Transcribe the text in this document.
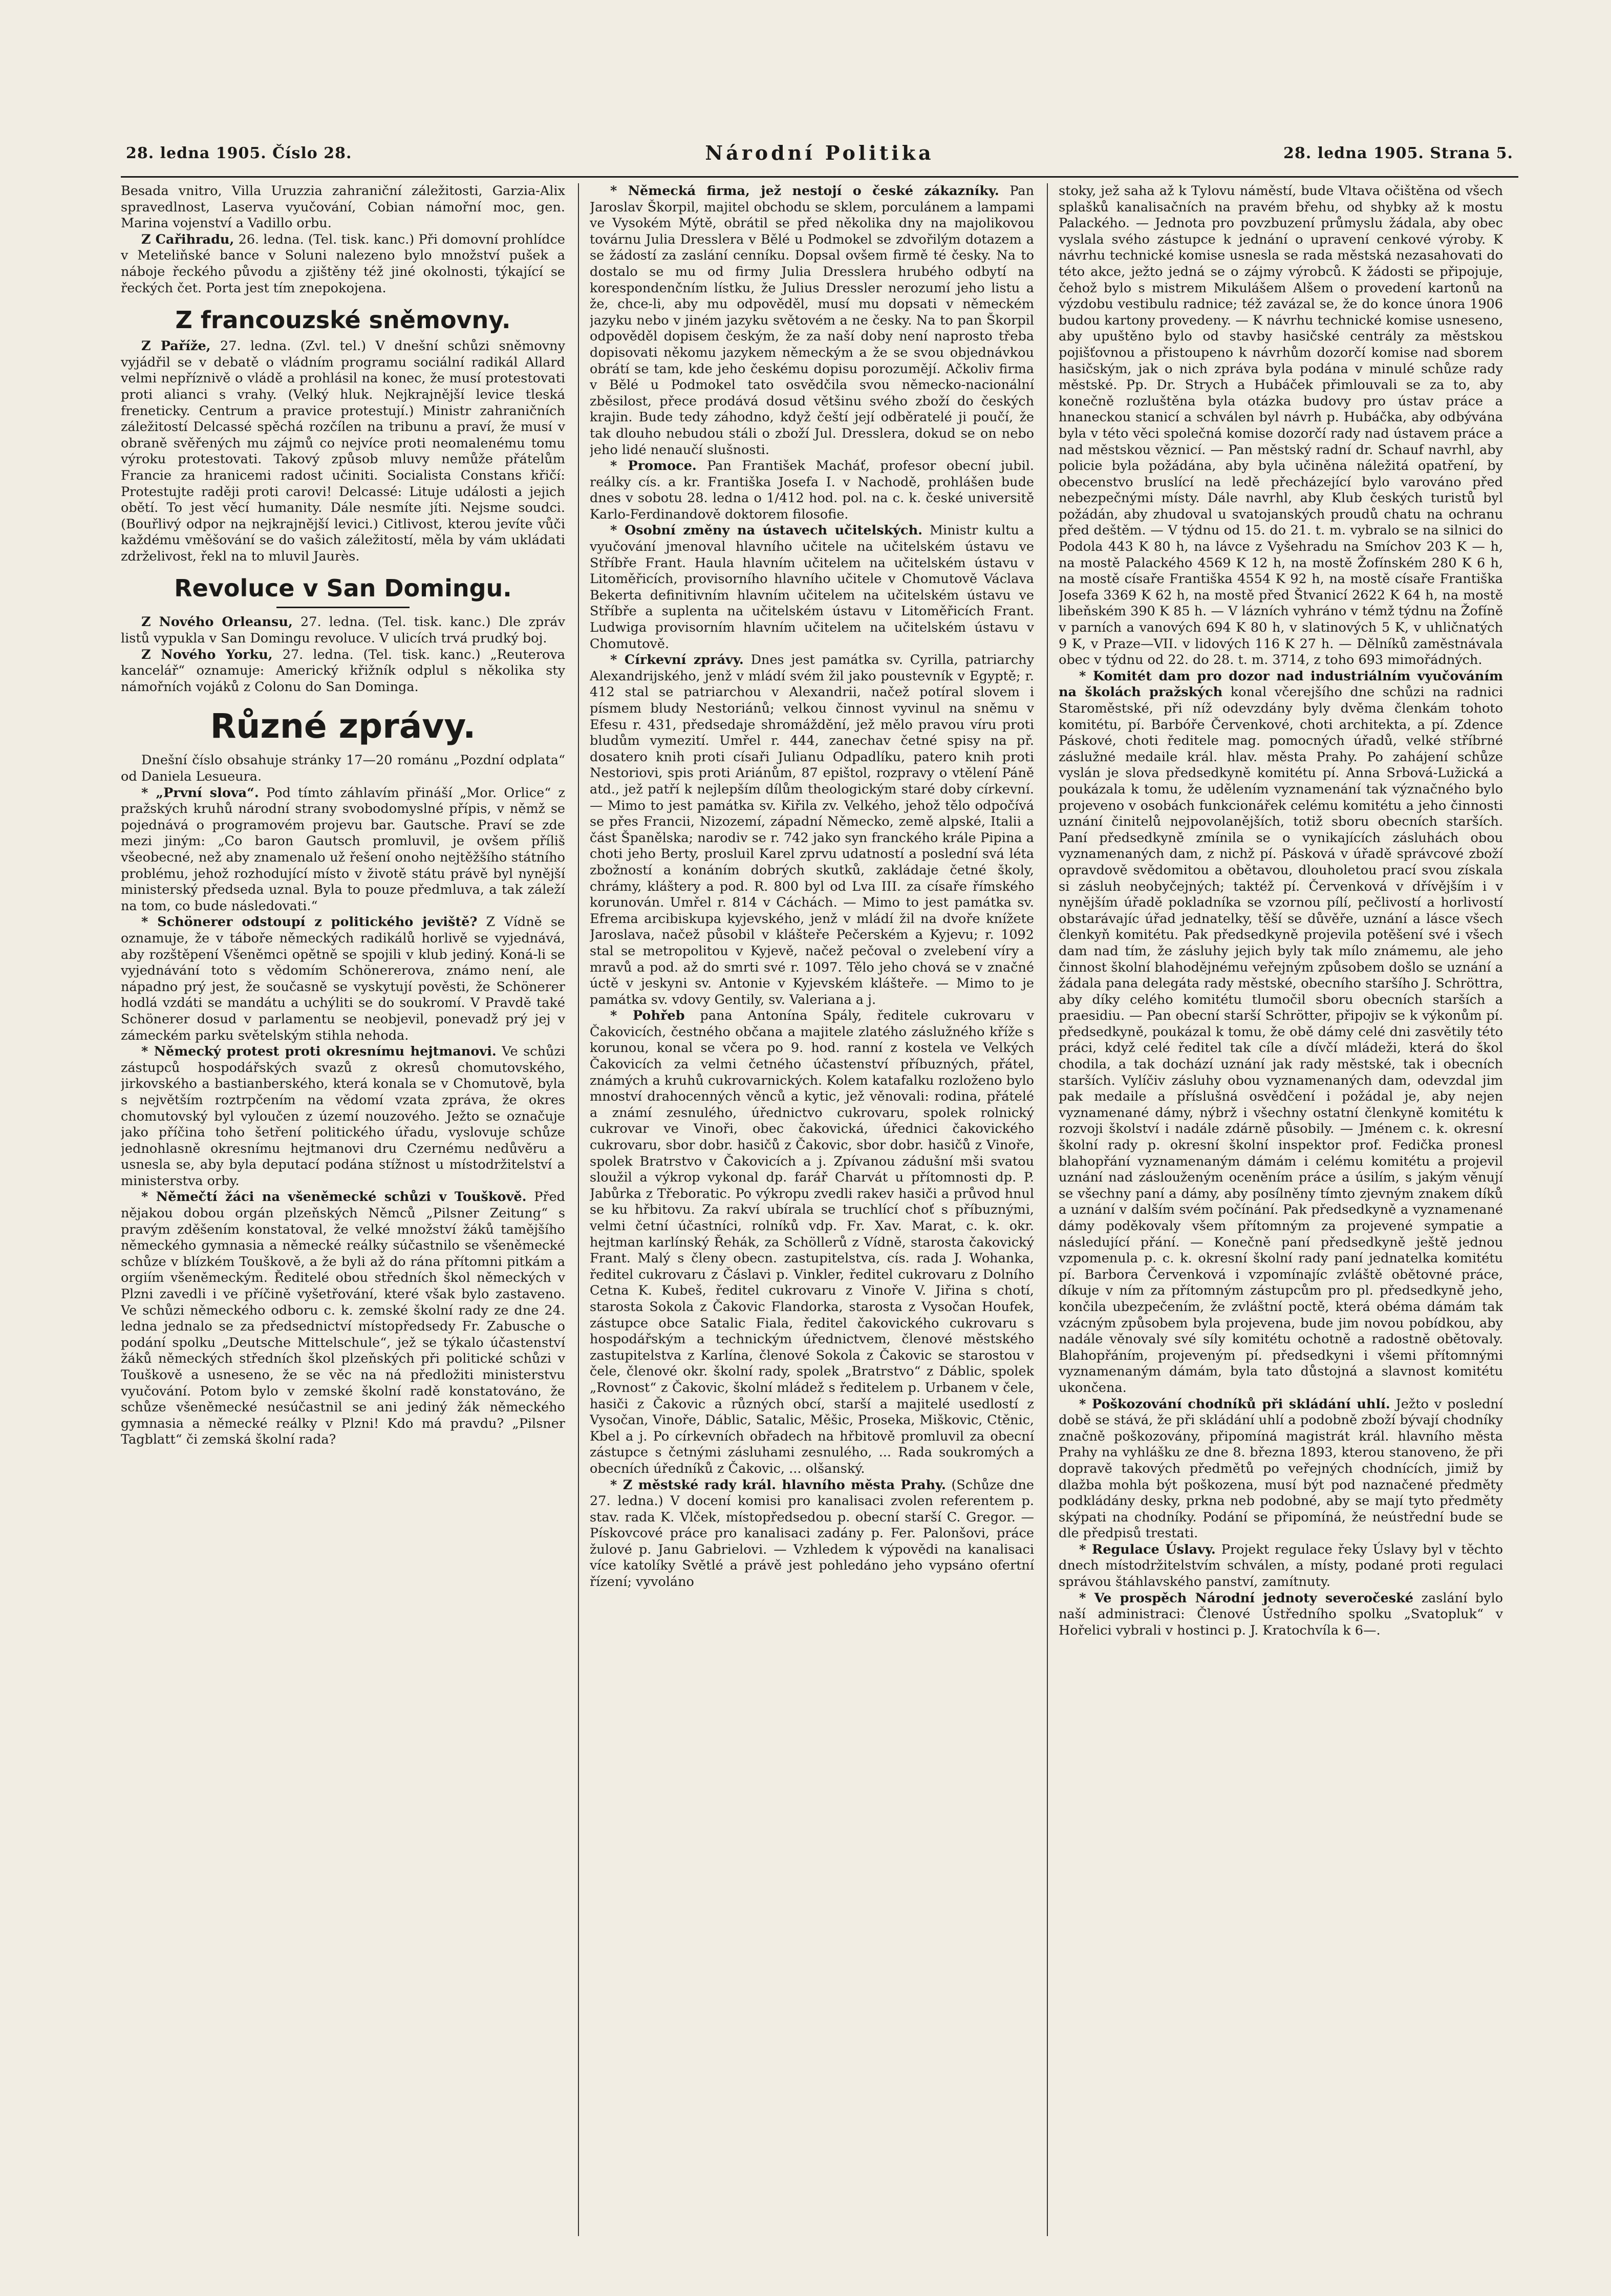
28. ledna 1905. Číslo 28.	Národní Politika	28. ledna 1905. Strana 5.

Besada vnitro, Villa Uruzzia zahraniční záležitosti, Garzia-Alix spravedlnost, Laserva vyučování, Cobian námořní moc, gen. Marina vojenství a Vadillo orbu.

Z Cařihradu, 26. ledna. (Tel. tisk. kanc.) Při domovní prohlídce v Meteliňské bance v Soluni nalezeno bylo množství pušek a náboje řeckého původu a zjištěny též jiné okolnosti, týkající se řeckých čet. Porta jest tím znepokojena.

Z francouzské sněmovny.

Z Paříže, 27. ledna. (Zvl. tel.) V dnešní schůzi sněmovny vyjádřil se v debatě o vládním programu sociální radikál Allard velmi nepříznivě o vládě a prohlásil na konec, že musí protestovati proti alianci s vrahy. (Velký hluk. Nejkrajnější levice tleská freneticky. Centrum a pravice protestují.) Ministr zahraničních záležitostí Delcassé spěchá rozčílen na tribunu a praví, že musí v obraně svěřených mu zájmů co nejvíce proti neomalenému tomu výroku protestovati. Takový způsob mluvy nemůže přátelům Francie za hranicemi radost učiniti. Socialista Constans křičí: Protestujte raději proti carovi! Delcassé: Lituje události a jejich obětí. To jest věcí humanity. Dále nesmíte jíti. Nejsme soudci. (Bouřlivý odpor na nejkrajnější levici.) Citlivost, kterou jevíte vůči každému vměšování se do vašich záležitostí, měla by vám ukládati zdrželivost, řekl na to mluvil Jaurès.

Revoluce v San Domingu.

Z Nového Orleansu, 27. ledna. (Tel. tisk. kanc.) Dle zpráv listů vypukla v San Domingu revoluce. V ulicích trvá prudký boj.

Z Nového Yorku, 27. ledna. (Tel. tisk. kanc.) „Reuterova kancelář“ oznamuje: Americký křižník odplul s několika sty námořních vojáků z Colonu do San Dominga.

Různé zprávy.

Dnešní číslo obsahuje stránky 17—20 románu „Pozdní odplata“ od Daniela Lesueura.

* „První slova“. Pod tímto záhlavím přináší „Mor. Orlice“ z pražských kruhů národní strany svobodomyslné přípis, v němž se pojednává o programovém projevu bar. Gautsche. Praví se zde mezi jiným: „Co baron Gautsch promluvil, je ovšem příliš všeobecné, než aby znamenalo už řešení onoho nejtěžšího státního problému, jehož rozhodující místo v životě státu právě byl nynější ministerský předseda uznal. Byla to pouze předmluva, a tak záleží na tom, co bude následovati.“

* Schönerer odstoupí z politického jeviště? Z Vídně se oznamuje, že v táboře německých radikálů horlivě se vyjednává, aby rozštěpení Všeněmci opětně se spojili v klub jediný. Koná-li se vyjednávání toto s vědomím Schönererova, známo není, ale nápadno prý jest, že současně se vyskytují pověsti, že Schönerer hodlá vzdáti se mandátu a uchýliti se do soukromí. V Pravdě také Schönerer dosud v parlamentu se neobjevil, ponevadž prý jej v zámeckém parku světelským stihla nehoda.

* Německý protest proti okresnímu hejtmanovi. Ve schůzi zástupců hospodářských svazů z okresů chomutovského, jirkovského a bastianberského, která konala se v Chomutově, byla s největším roztrpčením na vědomí vzata zpráva, že okres chomutovský byl vyloučen z území nouzového. Ježto se označuje jako příčina toho šetření politického úřadu, vyslovuje schůze jednohlasně okresnímu hejtmanovi dru Czernému nedůvěru a usnesla se, aby byla deputací podána stížnost u místodržitelství a ministerstva orby.

* Němečtí žáci na všeněmecké schůzi v Touškově. Před nějakou dobou orgán plzeňských Němců „Pilsner Zeitung“ s pravým zděšením konstatoval, že velké množství žáků tamějšího německého gymnasia a německé reálky súčastnilo se všeněmecké schůze v blízkém Touškově, a že byli až do rána přítomni pitkám a orgiím všeněmeckým. Ředitelé obou středních škol německých v Plzni zavedli i ve příčině vyšetřování, které však bylo zastaveno. Ve schůzi německého odboru c. k. zemské školní rady ze dne 24. ledna jednalo se za předsednictví místopředsedy Fr. Zabusche o podání spolku „Deutsche Mittelschule“, jež se týkalo účastenství žáků německých středních škol plzeňských při politické schůzi v Touškově a usneseno, že se věc na ná předložiti ministerstvu vyučování. Potom bylo v zemské školní radě konstatováno, že schůze všeněmecké nesúčastnil se ani jediný žák německého gymnasia a německé reálky v Plzni! Kdo má pravdu? „Pilsner Tagblatt“ či zemská školní rada?

* Německá firma, jež nestojí o české zákazníky. Pan Jaroslav Škorpil, majitel obchodu se sklem, porculánem a lampami ve Vysokém Mýtě, obrátil se před několika dny na majolikovou továrnu Julia Dresslera v Bělé u Podmokel se zdvořilým dotazem a se žádostí za zaslání cenníku. Dopsal ovšem firmě té česky. Na to dostalo se mu od firmy Julia Dresslera hrubého odbytí na korespondenčním lístku, že Julius Dressler nerozumí jeho listu a že, chce-li, aby mu odpověděl, musí mu dopsati v německém jazyku nebo v jiném jazyku světovém a ne česky. Na to pan Škorpil odpověděl dopisem českým, že za naší doby není naprosto třeba dopisovati někomu jazykem německým a že se svou objednávkou obrátí se tam, kde jeho českému dopisu porozumějí. Ačkoliv firma v Bělé u Podmokel tato osvědčila svou německo-nacionální zběsilost, přece prodává dosud většinu svého zboží do českých krajin. Bude tedy záhodno, když čeští její odběratelé ji poučí, že tak dlouho nebudou stáli o zboží Jul. Dresslera, dokud se on nebo jeho lidé nenaučí slušnosti.

* Promoce. Pan František Macháť, profesor obecní jubil. reálky cís. a kr. Františka Josefa I. v Nachodě, prohlášen bude dnes v sobotu 28. ledna o 1/412 hod. pol. na c. k. české universitě Karlo-Ferdinandově doktorem filosofie.

* Osobní změny na ústavech učitelských. Ministr kultu a vyučování jmenoval hlavního učitele na učitelském ústavu ve Stříbře Frant. Haula hlavním učitelem na učitelském ústavu v Litoměřicích, provisorního hlavního učitele v Chomutově Václava Bekerta definitivním hlavním učitelem na učitelském ústavu ve Stříbře a suplenta na učitelském ústavu v Litoměřicích Frant. Ludwiga provisorním hlavním učitelem na učitelském ústavu v Chomutově.

* Církevní zprávy. Dnes jest památka sv. Cyrilla, patriarchy Alexandrijského, jenž v mládí svém žil jako poustevník v Egyptě; r. 412 stal se patriarchou v Alexandrii, načež potíral slovem i písmem bludy Nestoriánů; velkou činnost vyvinul na sněmu v Efesu r. 431, předsedaje shromáždění, jež mělo pravou víru proti bludům vymezití. Umřel r. 444, zanechav četné spisy na př. dosatero knih proti císaři Julianu Odpadlíku, patero knih proti Nestoriovi, spis proti Ariánům, 87 epištol, rozpravy o vtělení Páně atd., jež patří k nejlepším dílům theologickým staré doby církevní. — Mimo to jest památka sv. Kiřila zv. Velkého, jehož tělo odpočívá se přes Francii, Nizozemí, západní Německo, země alpské, Italii a část Španělska; narodiv se r. 742 jako syn franckého krále Pipina a choti jeho Berty, prosluil Karel zprvu udatností a poslední svá léta zbožností a konáním dobrých skutků, zakládaje četné školy, chrámy, kláštery a pod. R. 800 byl od Lva III. za císaře římského korunován. Umřel r. 814 v Cáchách. — Mimo to jest památka sv. Efrema arcibiskupa kyjevského, jenž v mládí žil na dvoře knížete Jaroslava, načež působil v klášteře Pečerském a Kyjevu; r. 1092 stal se metropolitou v Kyjevě, načež pečoval o zvelebení víry a mravů a pod. až do smrti své r. 1097. Tělo jeho chová se v značné úctě v jeskyni sv. Antonie v Kyjevském klášteře. — Mimo to je památka sv. vdovy Gentily, sv. Valeriana a j.

* Pohřeb pana Antonína Spály, ředitele cukrovaru v Čakovicích, čestného občana a majitele zlatého záslužného kříže s korunou, konal se včera po 9. hod. ranní z kostela ve Velkých Čakovicích za velmi četného účastenství příbuzných, přátel, známých a kruhů cukrovarnických. Kolem katafalku rozloženo bylo mnoství drahocenných věnců a kytic, jež věnovali: rodina, přátelé a známí zesnulého, úřednictvo cukrovaru, spolek rolnický cukrovar ve Vinoři, obec čakovická, úřednici čakovického cukrovaru, sbor dobr. hasičů z Čakovic, sbor dobr. hasičů z Vinoře, spolek Bratrstvo v Čakovicích a j. Zpívanou zádušní mši svatou sloužil a výkrop vykonal dp. farář Charvát u přítomnosti dp. P. Jabůrka z Třeboratic. Po výkropu zvedli rakev hasiči a průvod hnul se ku hřbitovu. Za rakví ubírala se truchlící choť s příbuznými, velmi četní účastníci, rolníků vdp. Fr. Xav. Marat, c. k. okr. hejtman karlínský Řehák, za Schöllerů z Vídně, starosta čakovický Frant. Malý s členy obecn. zastupitelstva, cís. rada J. Wohanka, ředitel cukrovaru z Čáslavi p. Vinkler, ředitel cukrovaru z Dolního Cetna K. Kubeš, ředitel cukrovaru z Vinoře V. Jiřina s chotí, starosta Sokola z Čakovic Flandorka, starosta z Vysočan Houfek, zástupce obce Satalic Fiala, ředitel čakovického cukrovaru s hospodářským a technickým úřednictvem, členové městského zastupitelstva z Karlína, členové Sokola z Čakovic se starostou v čele, členové okr. školní rady, spolek „Bratrstvo“ z Dáblic, spolek „Rovnost“ z Čakovic, školní mládež s ředitelem p. Urbanem v čele, hasiči z Čakovic a různých obcí, starší a majitelé usedlostí z Vysočan, Vinoře, Dáblic, Satalic, Měšic, Proseka, Miškovic, Ctěnic, Kbel a j. Po církevních obřadech na hřbitově promluvil za obecní zástupce s četnými zásluhami zesnulého, ... Rada soukromých a obecních úředníků z Čakovic, ... olšanský.

* Z městské rady král. hlavního města Prahy. (Schůze dne 27. ledna.) V docení komisi pro kanalisaci zvolen referentem p. stav. rada K. Vlček, místopředsedou p. obecní starší C. Gregor. — Pískovcové práce pro kanalisaci zadány p. Fer. Palonšovi, práce žulové p. Janu Gabrielovi. — Vzhledem k výpovědi na kanalisaci více katolíky Světlé a právě jest pohledáno jeho vypsáno ofertní řízení; vyvoláno

stoky, jež saha až k Tylovu náměstí, bude Vltava očištěna od všech splašků kanalisačních na pravém břehu, od shybky až k mostu Palackého. — Jednota pro povzbuzení průmyslu žádala, aby obec vyslala svého zástupce k jednání o upravení cenkové výroby. K návrhu technické komise usnesla se rada městská nezasahovati do této akce, ježto jedná se o zájmy výrobců. K žádosti se připojuje, čehož bylo s mistrem Mikulášem Alšem o provedení kartonů na výzdobu vestibulu radnice; též zavázal se, že do konce února 1906 budou kartony provedeny. — K návrhu technické komise usneseno, aby upuštěno bylo od stavby hasičské centrály za městskou pojišťovnou a přistoupeno k návrhům dozorčí komise nad sborem hasičským, jak o nich zpráva byla podána v minulé schůze rady městské. Pp. Dr. Strych a Hubáček přimlouvali se za to, aby konečně rozluštěna byla otázka budovy pro ústav práce a hnaneckou stanicí a schválen byl návrh p. Hubáčka, aby odbývána byla v této věci společná komise dozorčí rady nad ústavem práce a nad městskou věznicí. — Pan městský radní dr. Schauf navrhl, aby policie byla požádána, aby byla učiněna náležitá opatření, by obecenstvo bruslící na ledě přecházející bylo varováno před nebezpečnými místy. Dále navrhl, aby Klub českých turistů byl požádán, aby zhudoval u svatojanských proudů chatu na ochranu před deštěm. — V týdnu od 15. do 21. t. m. vybralo se na silnici do Podola 443 K 80 h, na lávce z Vyšehradu na Smíchov 203 K — h, na mostě Palackého 4569 K 12 h, na mostě Žofínském 280 K 6 h, na mostě císaře Františka 4554 K 92 h, na mostě císaře Františka Josefa 3369 K 62 h, na mostě před Štvanicí 2622 K 64 h, na mostě libeňském 390 K 85 h. — V lázních vyhráno v témž týdnu na Žofíně v parních a vanových 694 K 80 h, v slatinových 5 K, v uhličnatých 9 K, v Praze—VII. v lidových 116 K 27 h. — Dělníků zaměstnávala obec v týdnu od 22. do 28. t. m. 3714, z toho 693 mimořádných.

* Komitét dam pro dozor nad industriálním vyučováním na školách pražských konal včerejšího dne schůzi na radnici Staroměstské, při níž odevzdány byly dvěma členkám tohoto komitétu, pí. Barbóře Červenkové, choti architekta, a pí. Zdence Páskové, choti ředitele mag. pomocných úřadů, velké stříbrné záslužné medaile král. hlav. města Prahy. Po zahájení schůze vyslán je slova předsedkyně komitétu pí. Anna Srbová-Lužická a poukázala k tomu, že udělením vyznamenání tak význačného bylo projeveno v osobách funkcionářek celému komitétu a jeho činnosti uznání činitelů nejpovolanějších, totiž sboru obecních starších. Paní předsedkyně zmínila se o vynikajících zásluhách obou vyznamenaných dam, z nichž pí. Pásková v úřadě správcové zboží opravdově svědomitou a obětavou, dlouholetou prací svou získala si zásluh neobyčejných; taktéž pí. Červenková v dřívějším i v nynějším úřadě pokladníka se vzornou pílí, pečlivostí a horlivostí obstarávajíc úřad jednatelky, těší se důvěře, uznání a lásce všech členkyň komitétu. Pak předsedkyně projevila potěšení své i všech dam nad tím, že zásluhy jejich byly tak mílo známemu, ale jeho činnost školní blahodějnému veřejným způsobem došlo se uznání a žádala pana delegáta rady městské, obecního staršího J. Schröttra, aby díky celého komitétu tlumočil sboru obecních starších a praesidiu. — Pan obecní starší Schrötter, připojiv se k výkonům pí. předsedkyně, poukázal k tomu, že obě dámy celé dni zasvětily této práci, když celé ředitel tak cíle a dívčí mládeži, která do škol chodila, a tak dochází uznání jak rady městské, tak i obecních starších. Vylíčiv zásluhy obou vyznamenaných dam, odevzdal jim pak medaile a příslušná osvědčení i požádal je, aby nejen vyznamenané dámy, nýbrž i všechny ostatní členkyně komitétu k rozvoji školství i nadále zdárně působily. — Jménem c. k. okresní školní rady p. okresní školní inspektor prof. Fedička pronesl blahopřání vyznamenaným dámám i celému komitétu a projevil uznání nad záslouženým oceněním práce a úsilím, s jakým věnují se všechny paní a dámy, aby posílněny tímto zjevným znakem díků a uznání v dalším svém počínání. Pak předsedkyně a vyznamenané dámy poděkovaly všem přítomným za projevené sympatie a následující přání. — Konečně paní předsedkyně ještě jednou vzpomenula p. c. k. okresní školní rady paní jednatelka komitétu pí. Barbora Červenková i vzpomínajíc zvláště obětovné práce, díkuje v ním za přítomným zástupcům pro pl. předsedkyně jeho, končila ubezpečením, že zvláštní poctě, která obéma dámám tak vzácným způsobem byla projevena, bude jim novou pobídkou, aby nadále věnovaly své síly komitétu ochotně a radostně obětovaly. Blahopřáním, projeveným pí. předsedkyni i všemi přítomnými vyznamenaným dámám, byla tato důstojná a slavnost komitétu ukončena.

* Poškozování chodníků při skládání uhlí. Ježto v poslední době se stává, že při skládání uhlí a podobně zboží bývají chodníky značně poškozovány, připomíná magistrát král. hlavního města Prahy na vyhlášku ze dne 8. března 1893, kterou stanoveno, že při dopravě takových předmětů po veřejných chodnících, jimiž by dlažba mohla být poškozena, musí být pod naznačené předměty podkládány desky, prkna neb podobné, aby se mají tyto předměty skýpati na chodníky. Podání se připomíná, že neústřední bude se dle předpisů trestati.

* Regulace Úslavy. Projekt regulace řeky Úslavy byl v těchto dnech místodržitelstvím schválen, a místy, podané proti regulaci správou štáhlavského panství, zamítnuty.

* Ve prospěch Národní jednoty severočeské zaslání bylo naší administraci: Členové Ústředního spolku „Svatopluk“ v Hořelici vybrali v hostinci p. J. Kratochvíla k 6—.
